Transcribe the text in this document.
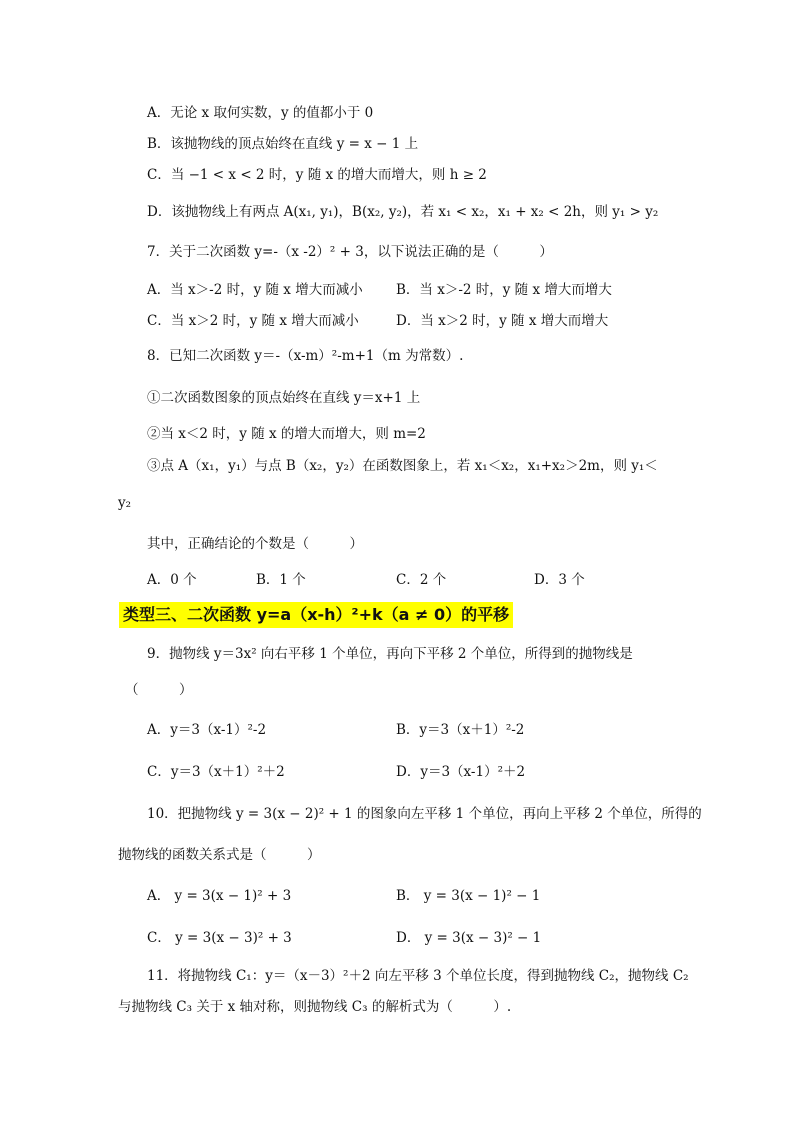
A．无论 x 取何实数，y 的值都小于 0
B．该抛物线的顶点始终在直线 y = x − 1 上
C．当 −1 < x < 2 时，y 随 x 的增大而增大，则 h ≥ 2
D．该抛物线上有两点 A(x₁, y₁)，B(x₂, y₂)，若 x₁ < x₂，x₁ + x₂ < 2h，则 y₁ > y₂
7．关于二次函数 y=-（x -2）² + 3，以下说法正确的是（　　　）
A．当 x＞-2 时，y 随 x 增大而减小 B．当 x＞-2 时，y 随 x 增大而增大
C．当 x＞2 时，y 随 x 增大而减小	D．当 x＞2 时，y 随 x 增大而增大
8．已知二次函数 y＝-（x-m）²-m+1（m 为常数）.
①二次函数图象的顶点始终在直线 y＝x+1 上
②当 x＜2 时，y 随 x 的增大而增大，则 m=2
③点 A（x₁，y₁）与点 B（x₂，y₂）在函数图象上，若 x₁＜x₂，x₁+x₂＞2m，则 y₁＜
y₂
其中，正确结论的个数是（　　　）
A．0 个	B．1 个	C．2 个	D．3 个
类型三、二次函数 y=a（x-h）²+k（a ≠ 0）的平移
9．抛物线 y＝3x² 向右平移 1 个单位，再向下平移 2 个单位，所得到的抛物线是
（　　　）
A．y＝3（x-1）²-2	B．y＝3（x＋1）²-2
C．y＝3（x＋1）²＋2	D．y＝3（x-1）²＋2
10．把抛物线 y = 3(x − 2)² + 1 的图象向左平移 1 个单位，再向上平移 2 个单位，所得的
抛物线的函数关系式是（　　　）
A． y = 3(x − 1)² + 3	B． y = 3(x − 1)² − 1
C． y = 3(x − 3)² + 3	D． y = 3(x − 3)² − 1
11．将抛物线 C₁：y＝（x－3）²＋2 向左平移 3 个单位长度，得到抛物线 C₂，抛物线 C₂
与抛物线 C₃ 关于 x 轴对称，则抛物线 C₃ 的解析式为（　　　）.
